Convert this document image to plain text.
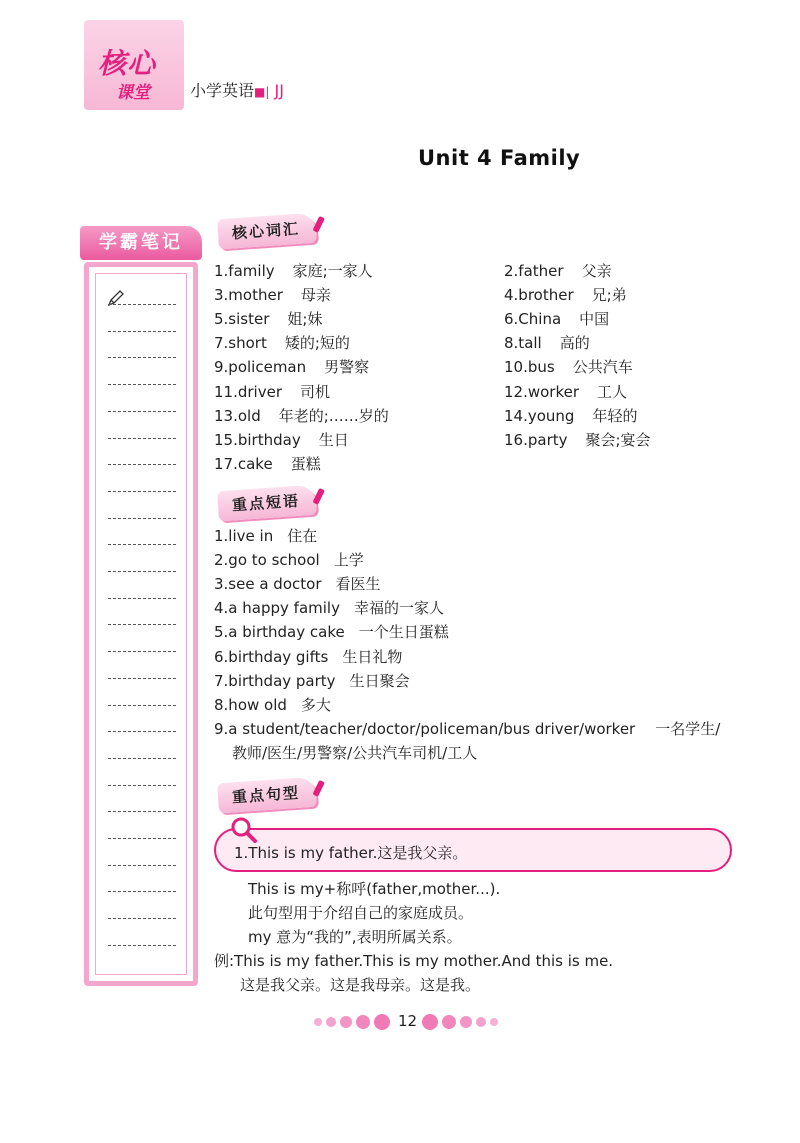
核心
课堂	小学英语■| JJ
Unit 4 Family
学霸笔记
核心词汇
1.family 家庭;一家人	2.father 父亲
3.mother 母亲	4.brother 兄;弟
5.sister 姐;妹	6.China 中国
7.short 矮的;短的	8.tall 高的
9.policeman 男警察	10.bus 公共汽车
11.driver 司机	12.worker 工人
13.old 年老的;……岁的	14.young 年轻的
15.birthday 生日	16.party 聚会;宴会
17.cake 蛋糕
重点短语
1.live in 住在
2.go to school 上学
3.see a doctor 看医生
4.a happy family 幸福的一家人
5.a birthday cake 一个生日蛋糕
6.birthday gifts 生日礼物
7.birthday party 生日聚会
8.how old 多大
9.a student/teacher/doctor/policeman/bus driver/worker 一名学生/
教师/医生/男警察/公共汽车司机/工人
重点句型
1.This is my father.这是我父亲。
This is my+称呼(father,mother...).
此句型用于介绍自己的家庭成员。
my 意为“我的”,表明所属关系。
例:This is my father.This is my mother.And this is me.
这是我父亲。这是我母亲。这是我。
12
